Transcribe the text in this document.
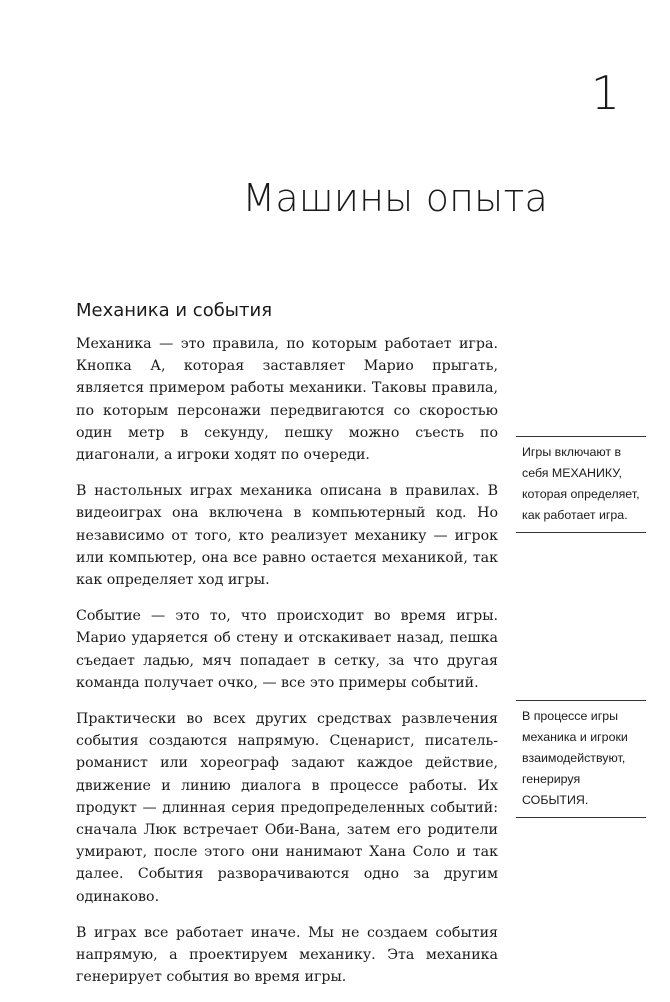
1
Машины опыта
Механика и события

Механика — это правила, по которым работает игра. Кнопка А, которая заставляет Марио прыгать, является примером работы механики. Таковы правила, по которым персонажи передвигаются со скоростью один метр в секунду, пешку можно съесть по диагонали, а игроки ходят по очереди.

В настольных играх механика описана в правилах. В видеоиграх она включена в компьютерный код. Но независимо от того, кто реализует механику — игрок или компьютер, она все равно остается механикой, так как определяет ход игры.

Событие — это то, что происходит во время игры. Марио ударяется об стену и отскакивает назад, пешка съедает ладью, мяч попадает в сетку, за что другая команда получает очко, — все это примеры событий.

Практически во всех других средствах развлечения события создаются напрямую. Сценарист, писатель-романист или хореограф задают каждое действие, движение и линию диалога в процессе работы. Их продукт — длинная серия предопределенных событий: сначала Люк встречает Оби-Вана, затем его родители умирают, после этого они нанимают Хана Соло и так далее. События разворачиваются одно за другим одинаково.

В играх все работает иначе. Мы не создаем события напрямую, а проектируем механику. Эта механика генерирует события во время игры.

Игры включают в себя МЕХАНИКУ, которая определяет, как работает игра.
В процессе игры механика и игроки взаимодействуют, генерируя СОБЫТИЯ.
